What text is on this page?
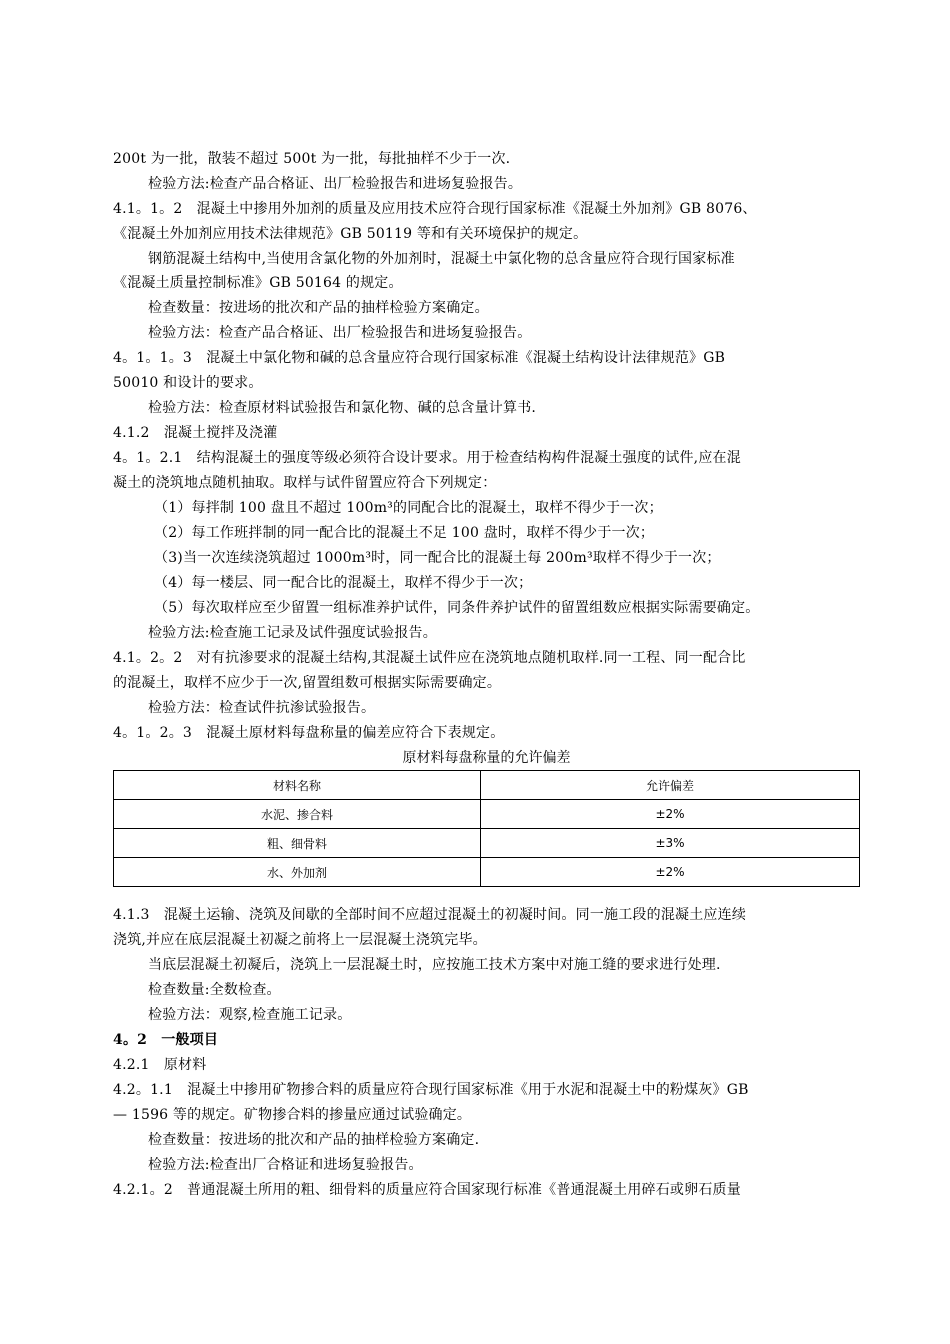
200t 为一批，散装不超过 500t 为一批，每批抽样不少于一次.
检验方法:检查产品合格证、出厂检验报告和进场复验报告。
4.1。1。2　混凝土中掺用外加剂的质量及应用技术应符合现行国家标准《混凝土外加剂》GB 8076、
《混凝土外加剂应用技术法律规范》GB 50119 等和有关环境保护的规定。
钢筋混凝土结构中,当使用含氯化物的外加剂时，混凝土中氯化物的总含量应符合现行国家标准
《混凝土质量控制标准》GB 50164 的规定。
检查数量：按进场的批次和产品的抽样检验方案确定。
检验方法：检查产品合格证、出厂检验报告和进场复验报告。
4。1。1。3　混凝土中氯化物和碱的总含量应符合现行国家标准《混凝土结构设计法律规范》GB
50010 和设计的要求。
检验方法：检查原材料试验报告和氯化物、碱的总含量计算书.
4.1.2　混凝土搅拌及浇灌
4。1。2.1　结构混凝土的强度等级必须符合设计要求。用于检查结构构件混凝土强度的试件,应在混
凝土的浇筑地点随机抽取。取样与试件留置应符合下列规定：
（1）每拌制 100 盘且不超过 100m³的同配合比的混凝土，取样不得少于一次；
（2）每工作班拌制的同一配合比的混凝土不足 100 盘时，取样不得少于一次；
（3)当一次连续浇筑超过 1000m³时，同一配合比的混凝土每 200m³取样不得少于一次；
（4）每一楼层、同一配合比的混凝土，取样不得少于一次；
（5）每次取样应至少留置一组标准养护试件，同条件养护试件的留置组数应根据实际需要确定。
检验方法:检查施工记录及试件强度试验报告。
4.1。2。2　对有抗渗要求的混凝土结构,其混凝土试件应在浇筑地点随机取样.同一工程、同一配合比
的混凝土，取样不应少于一次,留置组数可根据实际需要确定。
检验方法：检查试件抗渗试验报告。
4。1。2。3　混凝土原材料每盘称量的偏差应符合下表规定。
原材料每盘称量的允许偏差
材料名称	允许偏差
水泥、掺合料	±2%
粗、细骨料	±3%
水、外加剂	±2%
4.1.3　混凝土运输、浇筑及间歇的全部时间不应超过混凝土的初凝时间。同一施工段的混凝土应连续
浇筑,并应在底层混凝土初凝之前将上一层混凝土浇筑完毕。
当底层混凝土初凝后，浇筑上一层混凝土时，应按施工技术方案中对施工缝的要求进行处理.
检查数量:全数检查。
检验方法：观察,检查施工记录。
4。2　一般项目
4.2.1　原材料
4.2。1.1　混凝土中掺用矿物掺合料的质量应符合现行国家标准《用于水泥和混凝土中的粉煤灰》GB
— 1596 等的规定。矿物掺合料的掺量应通过试验确定。
检查数量：按进场的批次和产品的抽样检验方案确定.
检验方法:检查出厂合格证和进场复验报告。
4.2.1。2　普通混凝土所用的粗、细骨料的质量应符合国家现行标准《普通混凝土用碎石或卵石质量
